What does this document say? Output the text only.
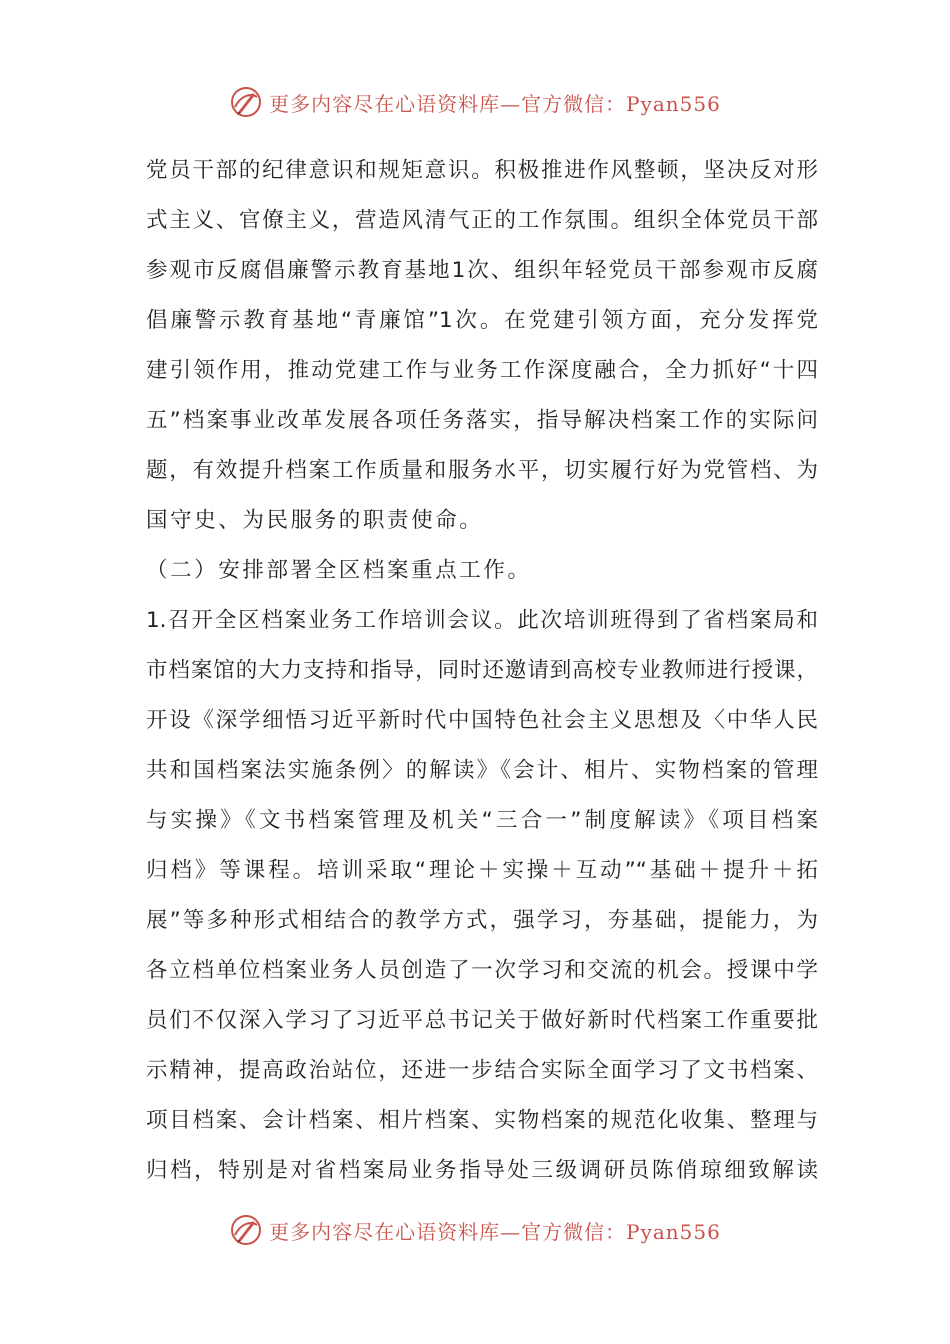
更多内容尽在心语资料库—官方微信：Pyan556
党员干部的纪律意识和规矩意识。积极推进作风整顿，坚决反对形
式主义、官僚主义，营造风清气正的工作氛围。组织全体党员干部
参观市反腐倡廉警示教育基地1次、组织年轻党员干部参观市反腐
倡廉警示教育基地“青廉馆”1次。在党建引领方面，充分发挥党
建引领作用，推动党建工作与业务工作深度融合，全力抓好“十四
五”档案事业改革发展各项任务落实，指导解决档案工作的实际问
题，有效提升档案工作质量和服务水平，切实履行好为党管档、为
国守史、为民服务的职责使命。
（二）安排部署全区档案重点工作。
1.召开全区档案业务工作培训会议。此次培训班得到了省档案局和
市档案馆的大力支持和指导，同时还邀请到高校专业教师进行授课，
开设《深学细悟习近平新时代中国特色社会主义思想及〈中华人民
共和国档案法实施条例〉的解读》《会计、相片、实物档案的管理
与实操》《文书档案管理及机关“三合一”制度解读》《项目档案
归档》等课程。培训采取“理论＋实操＋互动”“基础＋提升＋拓
展”等多种形式相结合的教学方式，强学习，夯基础，提能力，为
各立档单位档案业务人员创造了一次学习和交流的机会。授课中学
员们不仅深入学习了习近平总书记关于做好新时代档案工作重要批
示精神，提高政治站位，还进一步结合实际全面学习了文书档案、
项目档案、会计档案、相片档案、实物档案的规范化收集、整理与
归档，特别是对省档案局业务指导处三级调研员陈俏琼细致解读
更多内容尽在心语资料库—官方微信：Pyan556
